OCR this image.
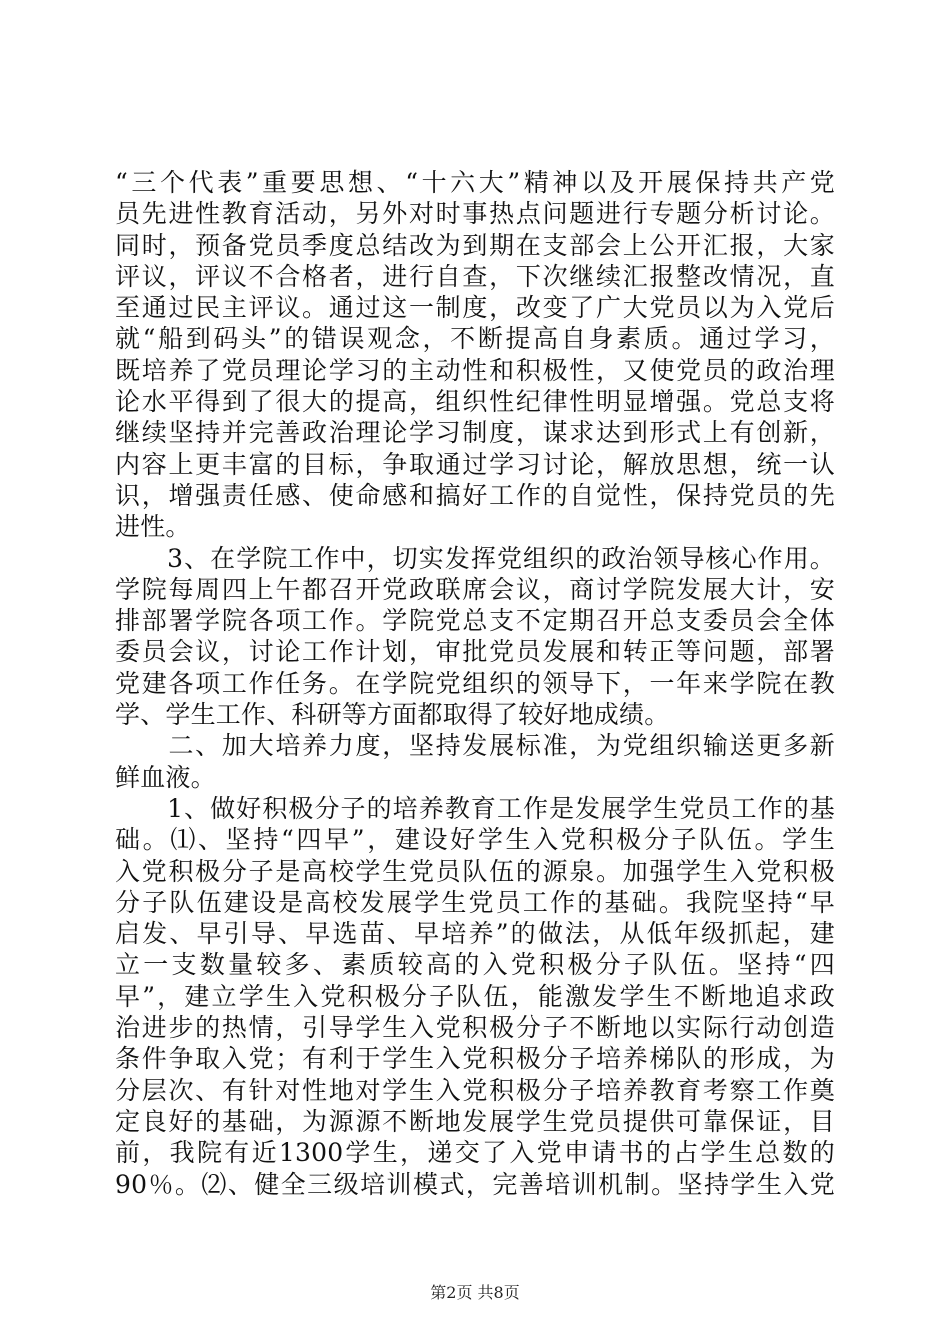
“三个代表”重要思想、“十六大”精神以及开展保持共产党
员先进性教育活动，另外对时事热点问题进行专题分析讨论。
同时，预备党员季度总结改为到期在支部会上公开汇报，大家
评议，评议不合格者，进行自查，下次继续汇报整改情况，直
至通过民主评议。通过这一制度，改变了广大党员以为入党后
就“船到码头”的错误观念，不断提高自身素质。通过学习，
既培养了党员理论学习的主动性和积极性，又使党员的政治理
论水平得到了很大的提高，组织性纪律性明显增强。党总支将
继续坚持并完善政治理论学习制度，谋求达到形式上有创新，
内容上更丰富的目标，争取通过学习讨论，解放思想，统一认
识，增强责任感、使命感和搞好工作的自觉性，保持党员的先
进性。
　　3、在学院工作中，切实发挥党组织的政治领导核心作用。
学院每周四上午都召开党政联席会议，商讨学院发展大计，安
排部署学院各项工作。学院党总支不定期召开总支委员会全体
委员会议，讨论工作计划，审批党员发展和转正等问题，部署
党建各项工作任务。在学院党组织的领导下，一年来学院在教
学、学生工作、科研等方面都取得了较好地成绩。
　　二、加大培养力度，坚持发展标准，为党组织输送更多新
鲜血液。
　　1、做好积极分子的培养教育工作是发展学生党员工作的基
础。⑴、坚持“四早”，建设好学生入党积极分子队伍。学生
入党积极分子是高校学生党员队伍的源泉。加强学生入党积极
分子队伍建设是高校发展学生党员工作的基础。我院坚持“早
启发、早引导、早选苗、早培养”的做法，从低年级抓起，建
立一支数量较多、素质较高的入党积极分子队伍。坚持“四
早”，建立学生入党积极分子队伍，能激发学生不断地追求政
治进步的热情，引导学生入党积极分子不断地以实际行动创造
条件争取入党；有利于学生入党积极分子培养梯队的形成，为
分层次、有针对性地对学生入党积极分子培养教育考察工作奠
定良好的基础，为源源不断地发展学生党员提供可靠保证，目
前，我院有近1300学生，递交了入党申请书的占学生总数的
90％。⑵、健全三级培训模式，完善培训机制。坚持学生入党
第2页 共8页
